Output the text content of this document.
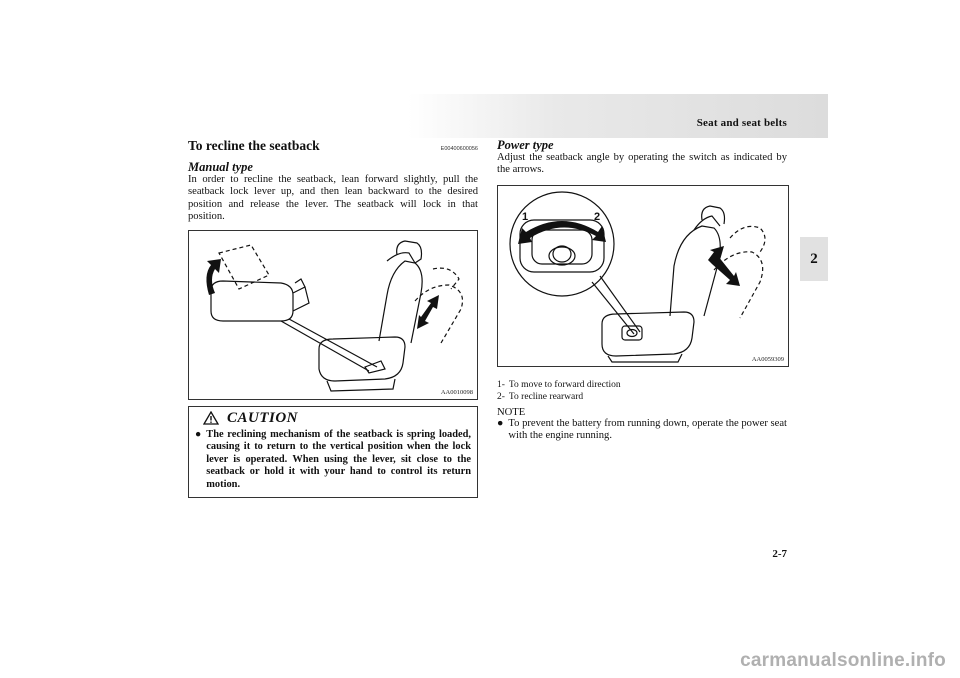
Seat and seat belts
2
To recline the seatback	E00400600056
Manual type

In order to recline the seatback, lean forward slightly, pull the seatback lock lever up, and then lean backward to the desired position and release the lever. The seatback will lock in that position.

AA0010098
CAUTION
● The reclining mechanism of the seatback is spring loaded, causing it to return to the vertical position when the lock lever is operated. When using the lever, sit close to the seatback or hold it with your hand to control its return motion.
Power type

Adjust the seatback angle by operating the switch as indicated by the arrows.

1	2
AA0059309
1- To move to forward direction
2- To recline rearward
NOTE
● To prevent the battery from running down, operate the power seat with the engine running.
2-7
carmanualsonline.info
